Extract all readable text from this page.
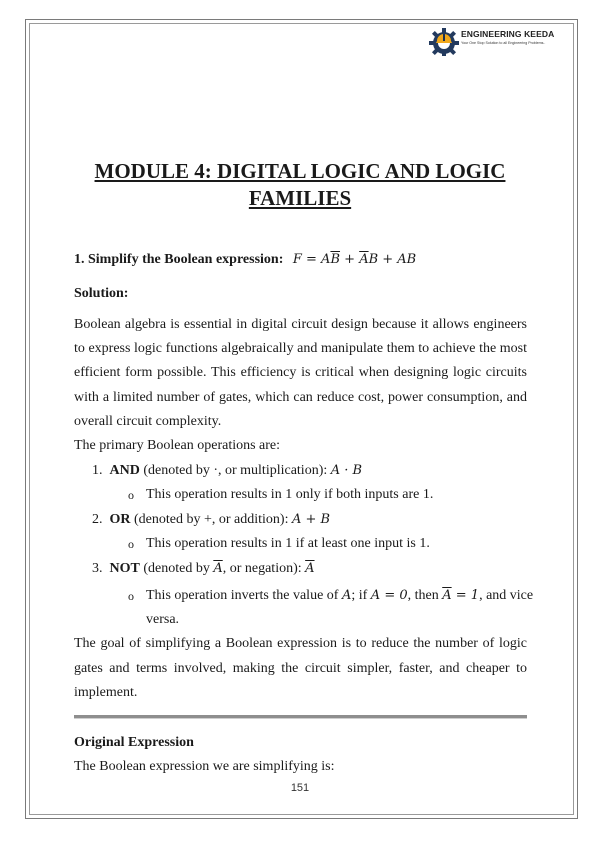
ENGINEERING KEEDA
Your One Stop Solution to all Engineering Problems..
MODULE 4: DIGITAL LOGIC AND LOGIC
FAMILIES
1. Simplify the Boolean expression: $F = A\overline{B} + \overline{A}B$ + AB
Solution:
Boolean algebra is essential in digital circuit design because it allows engineers
to express logic functions algebraically and manipulate them to achieve the most
efficient form possible. This efficiency is critical when designing logic circuits
with a limited number of gates, which can reduce cost, power consumption, and
overall circuit complexity.
The primary Boolean operations are:
1. AND (denoted by ·, or multiplication): A · B
o This operation results in 1 only if both inputs are 1.
2. OR (denoted by +, or addition): A + B
o This operation results in 1 if at least one input is 1.
3. NOT (denoted by $\overline{A}$, or negation): $\overline{A}$
o This operation inverts the value of A; if A = 0, then $\overline{A} = 1$, and vice
versa.
The goal of simplifying a Boolean expression is to reduce the number of logic
gates and terms involved, making the circuit simpler, faster, and cheaper to
implement.
Original Expression
The Boolean expression we are simplifying is:
151
